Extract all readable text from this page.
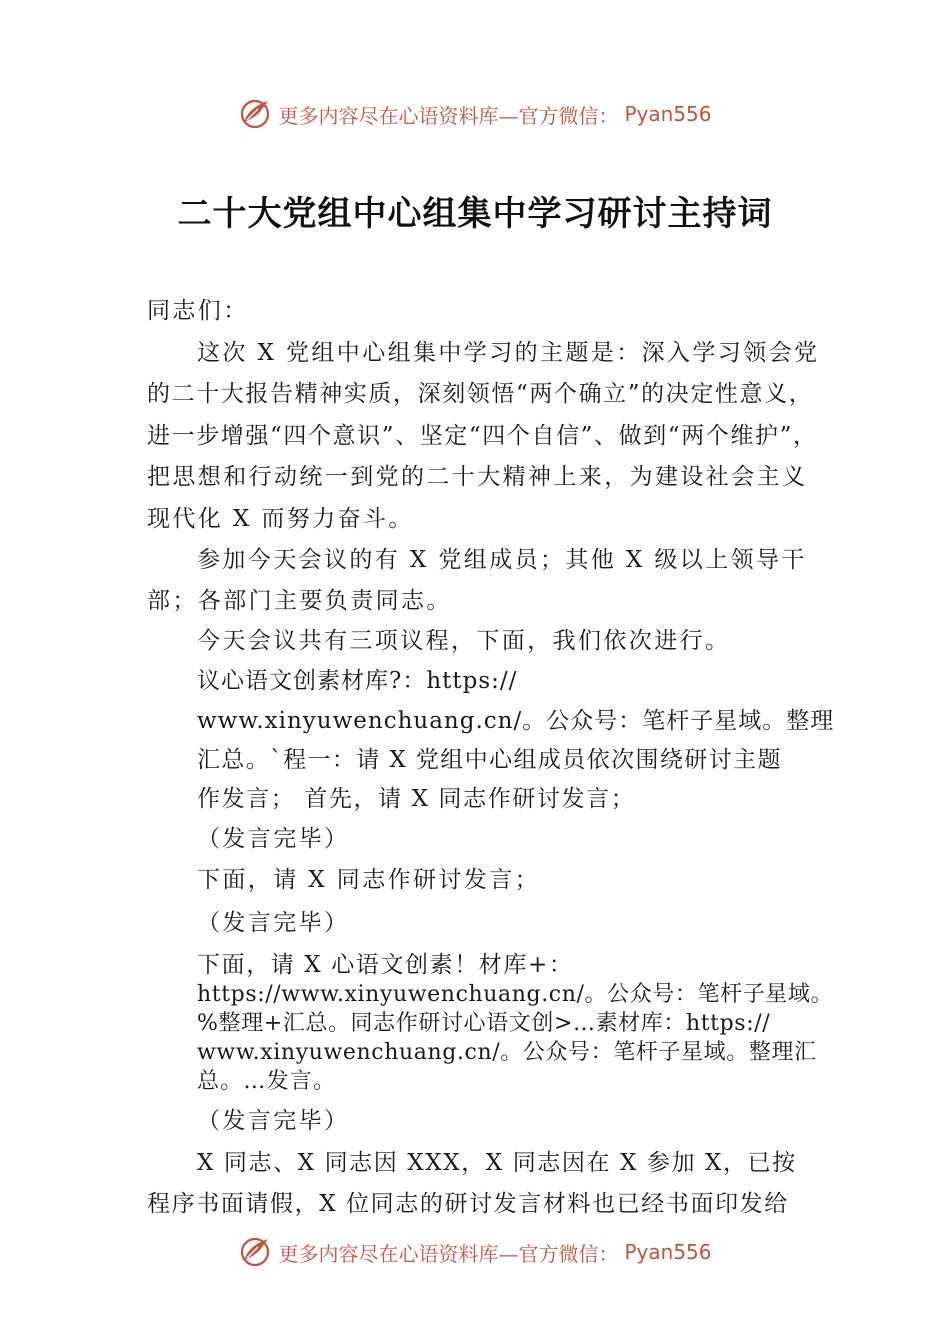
更多内容尽在心语资料库—官方微信： Pyan556
二十大党组中心组集中学习研讨主持词
同志们：
这次 X 党组中心组集中学习的主题是：深入学习领会党
的二十大报告精神实质，深刻领悟“两个确立”的决定性意义，
进一步增强“四个意识”、坚定“四个自信”、做到“两个维护”，
把思想和行动统一到党的二十大精神上来，为建设社会主义
现代化 X 而努力奋斗。
参加今天会议的有 X 党组成员；其他 X 级以上领导干
部；各部门主要负责同志。
今天会议共有三项议程，下面，我们依次进行。
议心语文创素材库?：https://
www.xinyuwenchuang.cn/。公众号：笔杆子星域。整理
汇总。`程一：请 X 党组中心组成员依次围绕研讨主题
作发言； 首先，请 X 同志作研讨发言；
（发言完毕）
下面，请 X 同志作研讨发言；
（发言完毕）
下面，请 X 心语文创素！材库+：
https://www.xinyuwenchuang.cn/。公众号：笔杆子星域。
%整理+汇总。同志作研讨心语文创>…素材库：https://
www.xinyuwenchuang.cn/。公众号：笔杆子星域。整理汇
总。…发言。
（发言完毕）
X 同志、X 同志因 XXX，X 同志因在 X 参加 X，已按
程序书面请假，X 位同志的研讨发言材料也已经书面印发给
更多内容尽在心语资料库—官方微信： Pyan556
